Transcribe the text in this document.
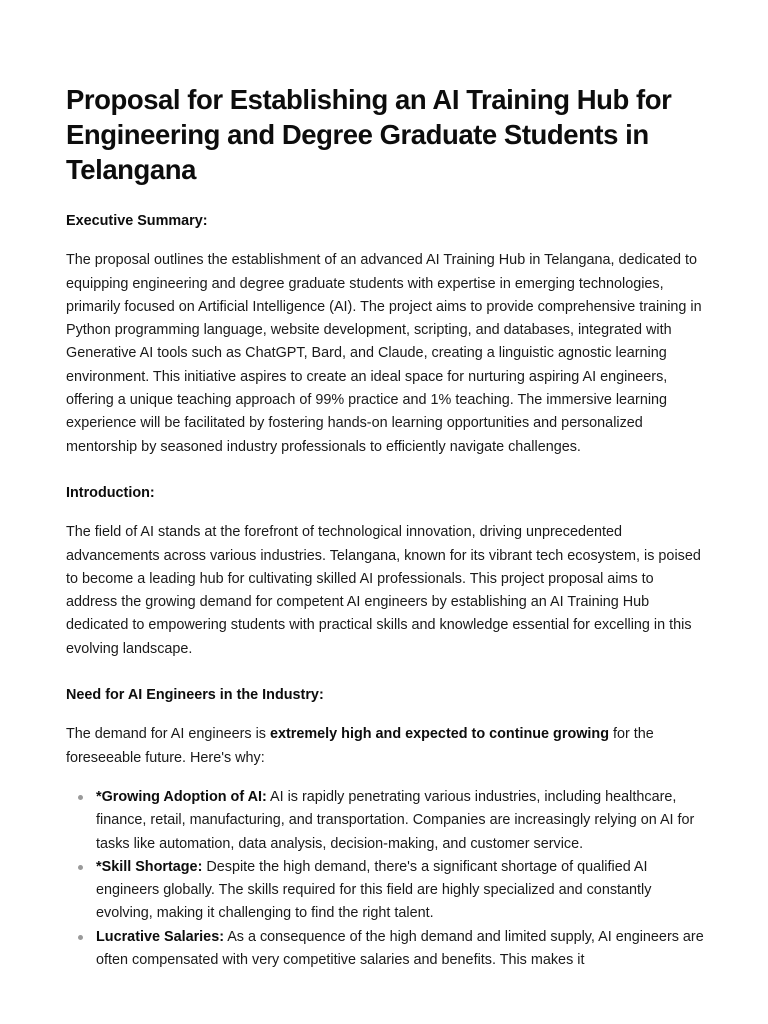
Proposal for Establishing an AI Training Hub for Engineering and Degree Graduate Students in Telangana
Executive Summary:

The proposal outlines the establishment of an advanced AI Training Hub in Telangana, dedicated to equipping engineering and degree graduate students with expertise in emerging technologies, primarily focused on Artificial Intelligence (AI). The project aims to provide comprehensive training in Python programming language, website development, scripting, and databases, integrated with Generative AI tools such as ChatGPT, Bard, and Claude, creating a linguistic agnostic learning environment. This initiative aspires to create an ideal space for nurturing aspiring AI engineers, offering a unique teaching approach of 99% practice and 1% teaching. The immersive learning experience will be facilitated by fostering hands-on learning opportunities and personalized mentorship by seasoned industry professionals to efficiently navigate challenges.

Introduction:

The field of AI stands at the forefront of technological innovation, driving unprecedented advancements across various industries. Telangana, known for its vibrant tech ecosystem, is poised to become a leading hub for cultivating skilled AI professionals. This project proposal aims to address the growing demand for competent AI engineers by establishing an AI Training Hub dedicated to empowering students with practical skills and knowledge essential for excelling in this evolving landscape.

Need for AI Engineers in the Industry:

The demand for AI engineers is extremely high and expected to continue growing for the foreseeable future. Here's why:

*Growing Adoption of AI: AI is rapidly penetrating various industries, including healthcare, finance, retail, manufacturing, and transportation. Companies are increasingly relying on AI for tasks like automation, data analysis, decision-making, and customer service.
*Skill Shortage: Despite the high demand, there's a significant shortage of qualified AI engineers globally. The skills required for this field are highly specialized and constantly evolving, making it challenging to find the right talent.
Lucrative Salaries: As a consequence of the high demand and limited supply, AI engineers are often compensated with very competitive salaries and benefits. This makes it
